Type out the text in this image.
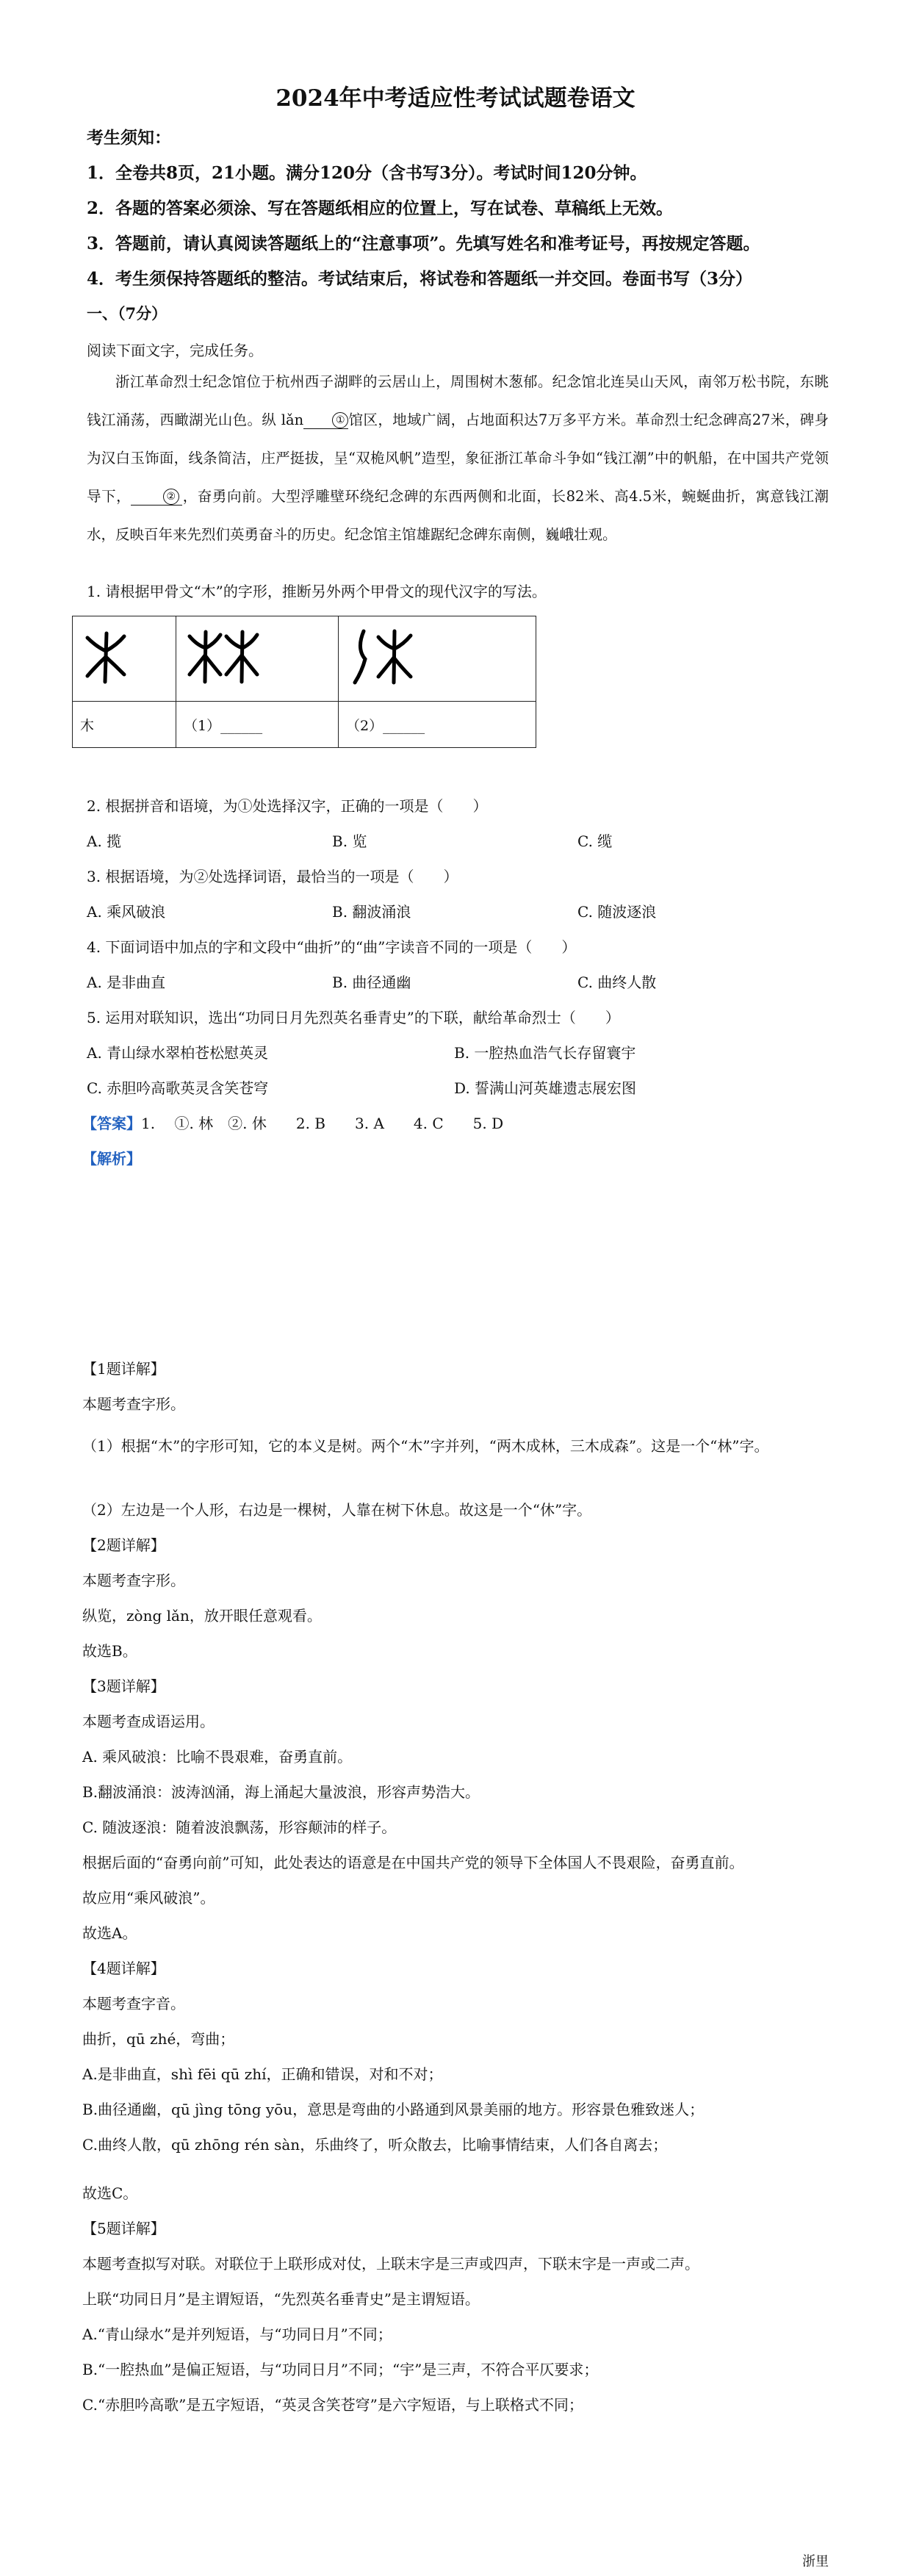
2024年中考适应性考试试题卷语文
考生须知：
1．全卷共8页，21小题。满分120分（含书写3分）。考试时间120分钟。
2．各题的答案必须涂、写在答题纸相应的位置上，写在试卷、草稿纸上无效。
3．答题前，请认真阅读答题纸上的“注意事项”。先填写姓名和准考证号，再按规定答题。
4．考生须保持答题纸的整洁。考试结束后，将试卷和答题纸一并交回。卷面书写（3分）
一、（7分）
阅读下面文字，完成任务。
浙江革命烈士纪念馆位于杭州西子湖畔的云居山上，周围树木葱郁。纪念馆北连吴山天风，南邻万松书院，东眺钱江涌荡，西瞰湖光山色。纵 lǎn	① 馆区，地域广阔，占地面积达7万多平方米。革命烈士纪念碑高27米，碑身为汉白玉饰面，线条简洁，庄严挺拔，呈“双桅风帆”造型，象征浙江革命斗争如“钱江潮”中的帆船，在中国共产党领导下，	② ，奋勇向前。大型浮雕壁环绕纪念碑的东西两侧和北面，长82米、高4.5米，蜿蜒曲折，寓意钱江潮水，反映百年来先烈们英勇奋斗的历史。纪念馆主馆雄踞纪念碑东南侧，巍峨壮观。
1. 请根据甲骨文“木”的字形，推断另外两个甲骨文的现代汉字的写法。

木	（1）______	（2）______
2. 根据拼音和语境，为①处选择汉字，正确的一项是（　　）
A. 揽	B. 览	C. 缆
3. 根据语境，为②处选择词语，最恰当的一项是（　　）
A. 乘风破浪	B. 翻波涌浪	C. 随波逐浪
4. 下面词语中加点的字和文段中“曲折”的“曲”字读音不同的一项是（　　）
A. 是非曲直	B. 曲径通幽	C. 曲终人散
5. 运用对联知识，选出“功同日月先烈英名垂青史”的下联，献给革命烈士（　　）
A. 青山绿水翠柏苍松慰英灵	B. 一腔热血浩气长存留寰宇
C. 赤胆吟高歌英灵含笑苍穹	D. 誓满山河英雄遗志展宏图
【答案】1. 　①. 林　②. 休　　2. B　　3. A　　4. C　　5. D
【解析】
【1题详解】
本题考查字形。
（1）根据“木”的字形可知，它的本义是树。两个“木”字并列，“两木成林，三木成森”。这是一个“林”字。
（2）左边是一个人形，右边是一棵树，人靠在树下休息。故这是一个“休”字。
【2题详解】
本题考查字形。
纵览，zòng lǎn，放开眼任意观看。
故选B。
【3题详解】
本题考查成语运用。
A. 乘风破浪：比喻不畏艰难，奋勇直前。
B.翻波涌浪：波涛汹涌，海上涌起大量波浪，形容声势浩大。
C. 随波逐浪：随着波浪飘荡，形容颠沛的样子。
根据后面的“奋勇向前”可知，此处表达的语意是在中国共产党的领导下全体国人不畏艰险，奋勇直前。
故应用“乘风破浪”。
故选A。
【4题详解】
本题考查字音。
曲折，qū zhé，弯曲；
A.是非曲直，shì fēi qū zhí，正确和错误，对和不对；
B.曲径通幽，qū jìng tōng yōu，意思是弯曲的小路通到风景美丽的地方。形容景色雅致迷人；
C.曲终人散，qū zhōng rén sàn，乐曲终了，听众散去，比喻事情结束，人们各自离去；
故选C。
【5题详解】
本题考查拟写对联。对联位于上联形成对仗，上联末字是三声或四声，下联末字是一声或二声。
上联“功同日月”是主谓短语，“先烈英名垂青史”是主谓短语。
A.“青山绿水”是并列短语，与“功同日月”不同；
B.“一腔热血”是偏正短语，与“功同日月”不同；“宇”是三声，不符合平仄要求；
C.“赤胆吟高歌”是五字短语，“英灵含笑苍穹”是六字短语，与上联格式不同；
浙里
